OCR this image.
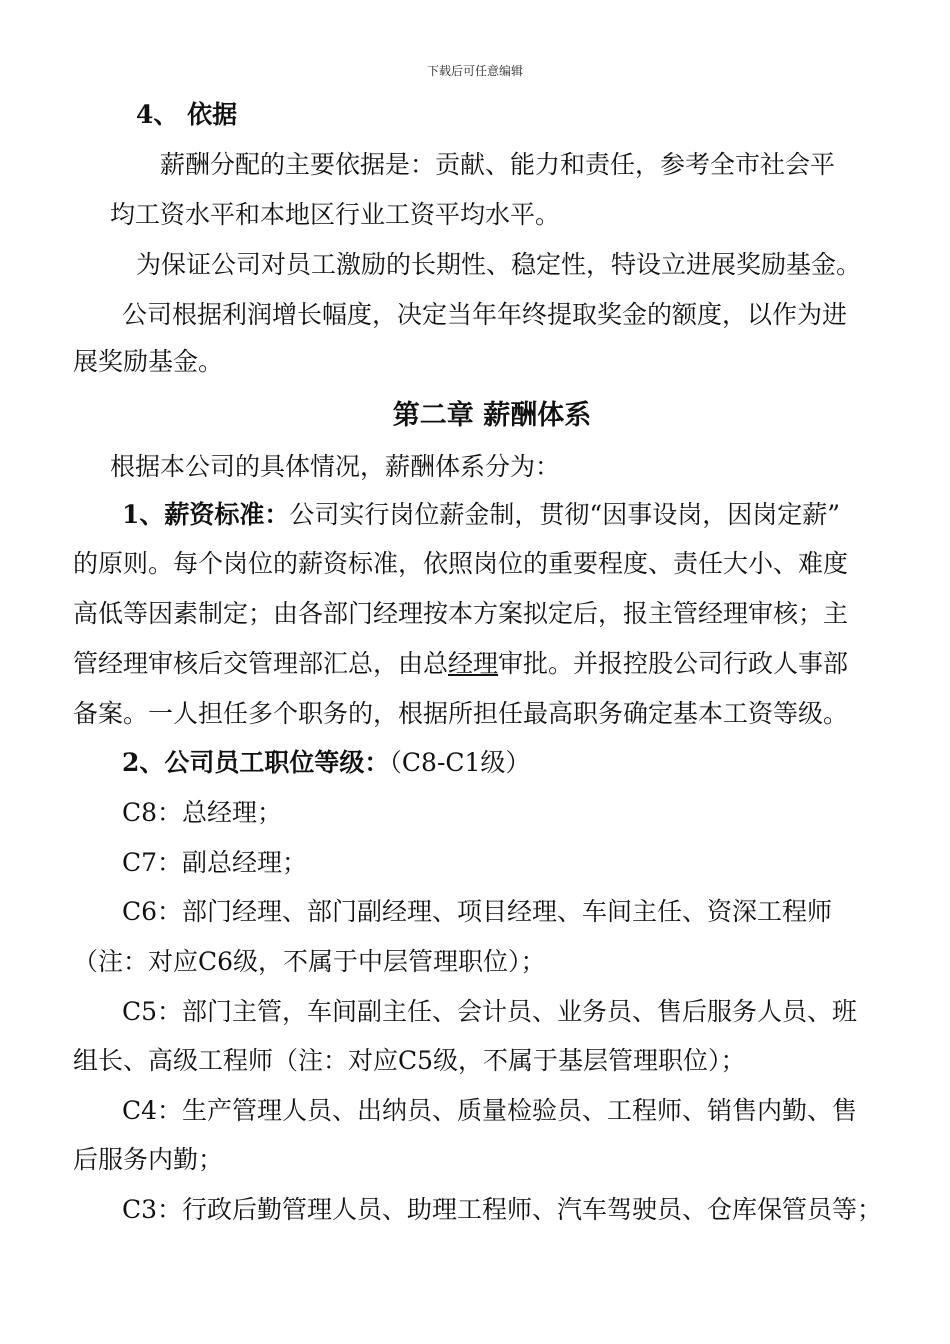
下载后可任意编辑
4、 依据
薪酬分配的主要依据是：贡献、能力和责任，参考全市社会平
均工资水平和本地区行业工资平均水平。
为保证公司对员工激励的长期性、稳定性，特设立进展奖励基金。
公司根据利润增长幅度，决定当年年终提取奖金的额度，以作为进
展奖励基金。
第二章 薪酬体系
根据本公司的具体情况，薪酬体系分为：
1、薪资标准：公司实行岗位薪金制，贯彻“因事设岗，因岗定薪”
的原则。每个岗位的薪资标准，依照岗位的重要程度、责任大小、难度
高低等因素制定；由各部门经理按本方案拟定后，报主管经理审核；主
管经理审核后交管理部汇总，由总经理审批。并报控股公司行政人事部
备案。一人担任多个职务的，根据所担任最高职务确定基本工资等级。
2、公司员工职位等级：（C8-C1级）
C8：总经理；
C7：副总经理；
C6：部门经理、部门副经理、项目经理、车间主任、资深工程师
（注：对应C6级，不属于中层管理职位）；
C5：部门主管，车间副主任、会计员、业务员、售后服务人员、班
组长、高级工程师（注：对应C5级，不属于基层管理职位）；
C4：生产管理人员、出纳员、质量检验员、工程师、销售内勤、售
后服务内勤；
C3：行政后勤管理人员、助理工程师、汽车驾驶员、仓库保管员等；
